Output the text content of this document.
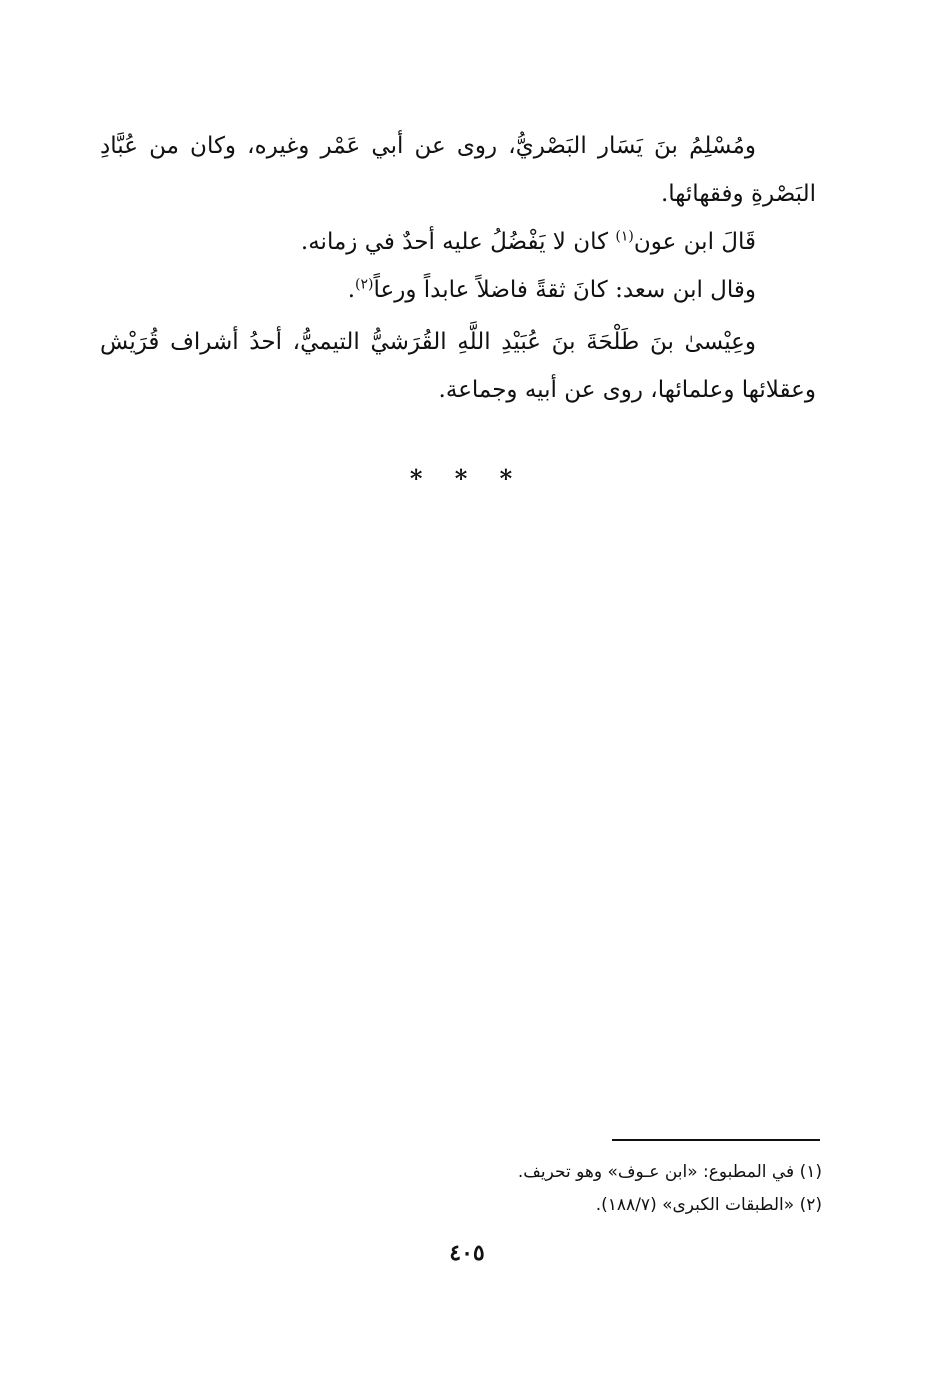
ومُسْلِمُ بنَ يَسَار البَصْريُّ، روى عن أبي عَمْر وغيره، وكان من عُبَّادِ البَصْرةِ وفقهائها.

قَالَ ابن عون$^{(١)}$ كان لا يَفْضُلُ عليه أحدٌ في زمانه.

وقال ابن سعد: كانَ ثقةً فاضلاً عابداً ورعاً$^{(٢)}$.

وعِيْسىٰ بنَ طَلْحَةَ بنَ عُبَيْدِ اللَّهِ القُرَشيُّ التيميُّ، أحدُ أشراف قُرَيْش وعقلائها وعلمائها، روى عن أبيه وجماعة.

* * *
(١) في المطبوع: «ابن عـوف» وهو تحريف.
(٢) «الطبقات الكبرى» (١٨٨/٧).
٤٠٥
